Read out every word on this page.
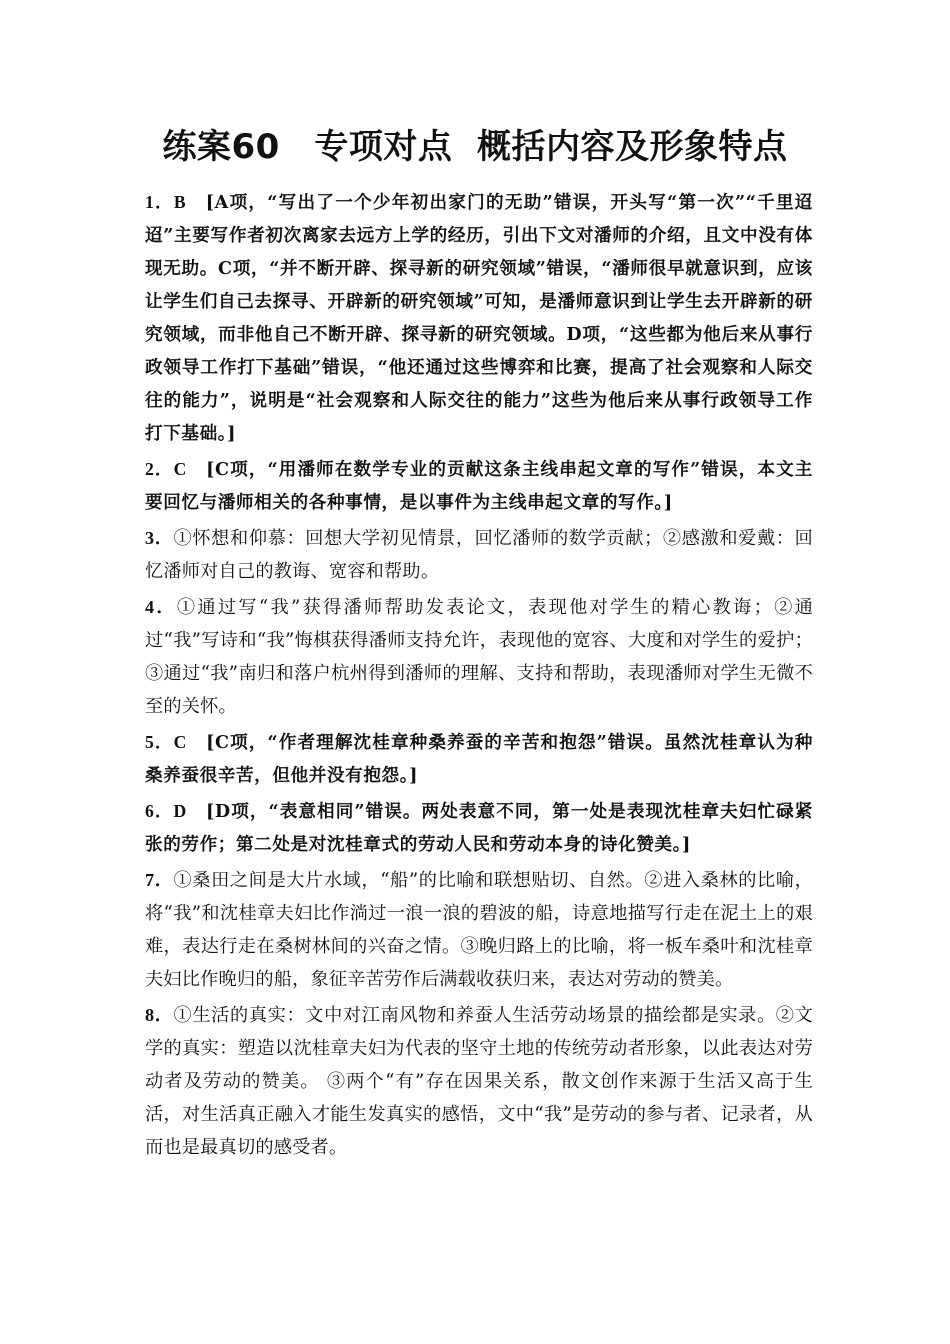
练案60　专项对点  概括内容及形象特点

1．B　[A项，“写出了一个少年初出家门的无助”错误，开头写“第一次”“千里迢迢”主要写作者初次离家去远方上学的经历，引出下文对潘师的介绍，且文中没有体现无助。C项，“并不断开辟、探寻新的研究领域”错误，“潘师很早就意识到，应该让学生们自己去探寻、开辟新的研究领域”可知，是潘师意识到让学生去开辟新的研究领域，而非他自己不断开辟、探寻新的研究领域。D项，“这些都为他后来从事行政领导工作打下基础”错误，“他还通过这些博弈和比赛，提高了社会观察和人际交往的能力”，说明是“社会观察和人际交往的能力”这些为他后来从事行政领导工作打下基础。]

2．C　[C项，“用潘师在数学专业的贡献这条主线串起文章的写作”错误，本文主要回忆与潘师相关的各种事情，是以事件为主线串起文章的写作。]

3．①怀想和仰慕：回想大学初见情景，回忆潘师的数学贡献；②感激和爱戴：回忆潘师对自己的教诲、宽容和帮助。

4．①通过写“我”获得潘师帮助发表论文，表现他对学生的精心教诲；②通过“我”写诗和“我”悔棋获得潘师支持允许，表现他的宽容、大度和对学生的爱护；③通过“我”南归和落户杭州得到潘师的理解、支持和帮助，表现潘师对学生无微不至的关怀。

5．C　[C项，“作者理解沈桂章种桑养蚕的辛苦和抱怨”错误。虽然沈桂章认为种桑养蚕很辛苦，但他并没有抱怨。]

6．D　[D项，“表意相同”错误。两处表意不同，第一处是表现沈桂章夫妇忙碌紧张的劳作；第二处是对沈桂章式的劳动人民和劳动本身的诗化赞美。]

7．①桑田之间是大片水域，“船”的比喻和联想贴切、自然。②进入桑林的比喻，将“我”和沈桂章夫妇比作淌过一浪一浪的碧波的船，诗意地描写行走在泥土上的艰难，表达行走在桑树林间的兴奋之情。③晚归路上的比喻，将一板车桑叶和沈桂章夫妇比作晚归的船，象征辛苦劳作后满载收获归来，表达对劳动的赞美。

8．①生活的真实：文中对江南风物和养蚕人生活劳动场景的描绘都是实录。②文学的真实：塑造以沈桂章夫妇为代表的坚守土地的传统劳动者形象，以此表达对劳动者及劳动的赞美。 ③两个“有”存在因果关系，散文创作来源于生活又高于生活，对生活真正融入才能生发真实的感悟，文中“我”是劳动的参与者、记录者，从而也是最真切的感受者。
